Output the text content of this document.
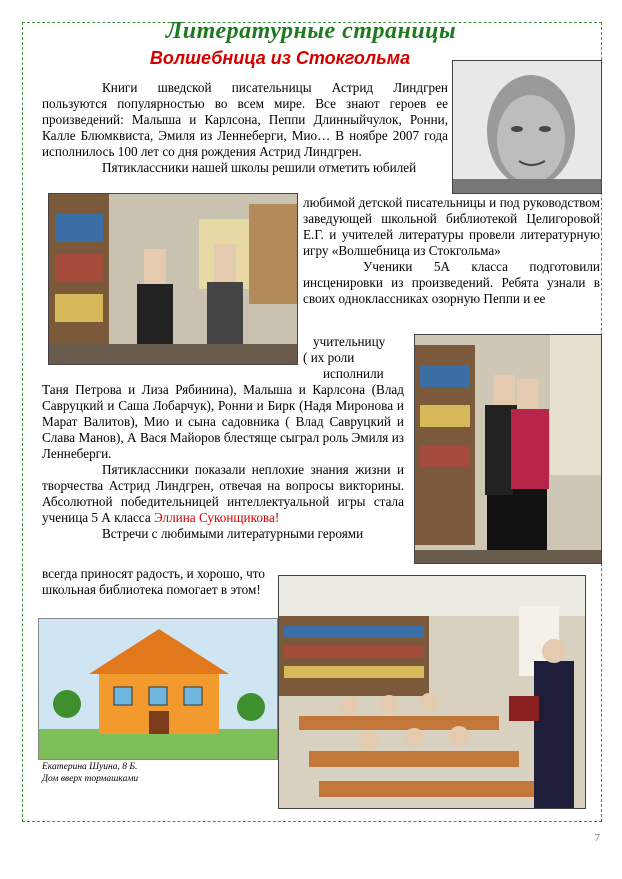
Литературные страницы
Волшебница из Стокгольма

Книги шведской писательницы Астрид Линдгрен пользуются популярностью во всем мире. Все знают героев ее произведений: Малыша и Карлсона, Пеппи Длинныйчулок, Ронни, Калле Блюмквиста, Эмиля из Леннеберги, Мио… В ноябре 2007 года исполнилось 100 лет со дня рождения Астрид Линдгрен.

Пятиклассники нашей школы решили отметить юбилей

любимой детской писательницы и под руководством заведующей школьной библиотекой Целигоровой Е.Г. и учителей литературы провели литературную игру «Волшебница из Стокгольма»

Ученики 5А класса подготовили инсценировки из произведений. Ребята узнали в своих одноклассниках озорную Пеппи и ее

учительницу
( их роли
исполнили

Таня Петрова и Лиза Рябинина), Малыша и Карлсона (Влад Савруцкий и Саша Лобарчук), Ронни и Бирк (Надя Миронова и Марат Валитов), Мио и сына садовника ( Влад Савруцкий и Слава Манов), А Вася Майоров блестяще сыграл роль Эмиля из Леннеберги.

Пятиклассники показали неплохие знания жизни и творчества Астрид Линдгрен, отвечая на вопросы викторины. Абсолютной победительницей интеллектуальной игры стала ученица 5 А класса Эллина Суконщикова!

Встречи с любимыми литературными героями

всегда приносят радость, и хорошо, что школьная библиотека помогает в этом!

Екатерина Шуина, 8 Б.
Дом вверх тормашками
7
